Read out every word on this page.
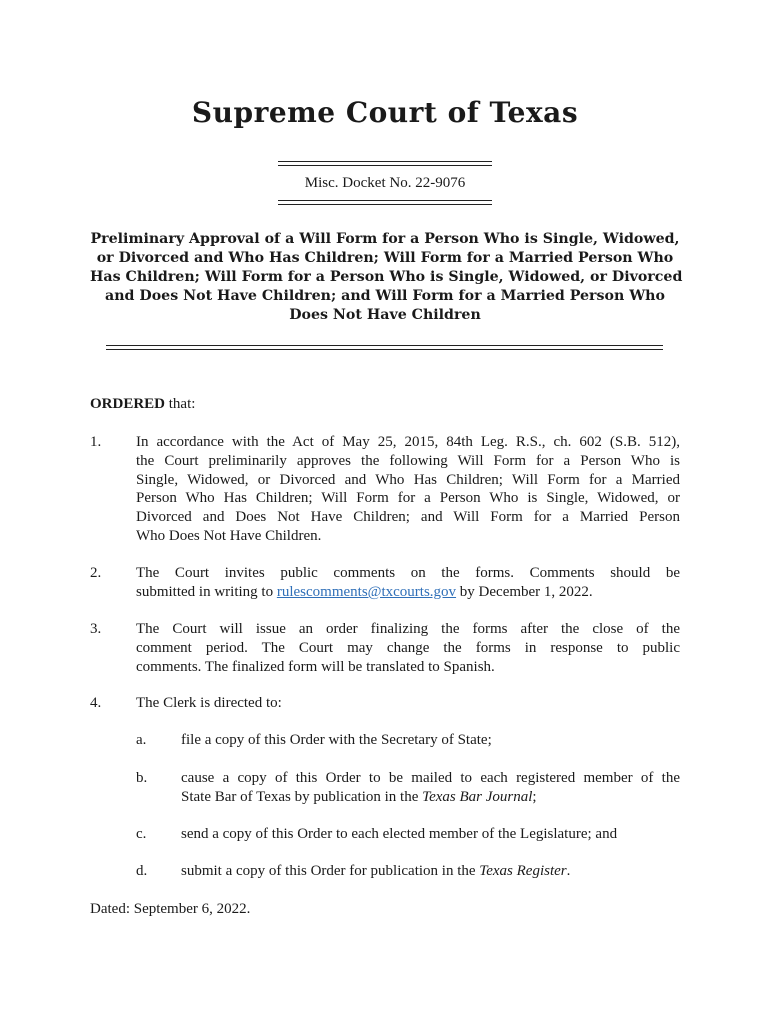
Supreme Court of Texas
Misc. Docket No. 22-9076
Preliminary Approval of a Will Form for a Person Who is Single, Widowed,
or Divorced and Who Has Children; Will Form for a Married Person Who
Has Children; Will Form for a Person Who is Single, Widowed, or Divorced
and Does Not Have Children; and Will Form for a Married Person Who
Does Not Have Children
ORDERED that:
1. In accordance with the Act of May 25, 2015, 84th Leg. R.S., ch. 602 (S.B. 512),
the Court preliminarily approves the following Will Form for a Person Who is
Single, Widowed, or Divorced and Who Has Children; Will Form for a Married
Person Who Has Children; Will Form for a Person Who is Single, Widowed, or
Divorced and Does Not Have Children; and Will Form for a Married Person
Who Does Not Have Children.
2. The Court invites public comments on the forms. Comments should be
submitted in writing to rulescomments@txcourts.gov by December 1, 2022.
3. The Court will issue an order finalizing the forms after the close of the
comment period. The Court may change the forms in response to public
comments. The finalized form will be translated to Spanish.
4. The Clerk is directed to:
a. file a copy of this Order with the Secretary of State;
b. cause a copy of this Order to be mailed to each registered member of the
State Bar of Texas by publication in the Texas Bar Journal;
c. send a copy of this Order to each elected member of the Legislature; and
d. submit a copy of this Order for publication in the Texas Register.
Dated: September 6, 2022.
